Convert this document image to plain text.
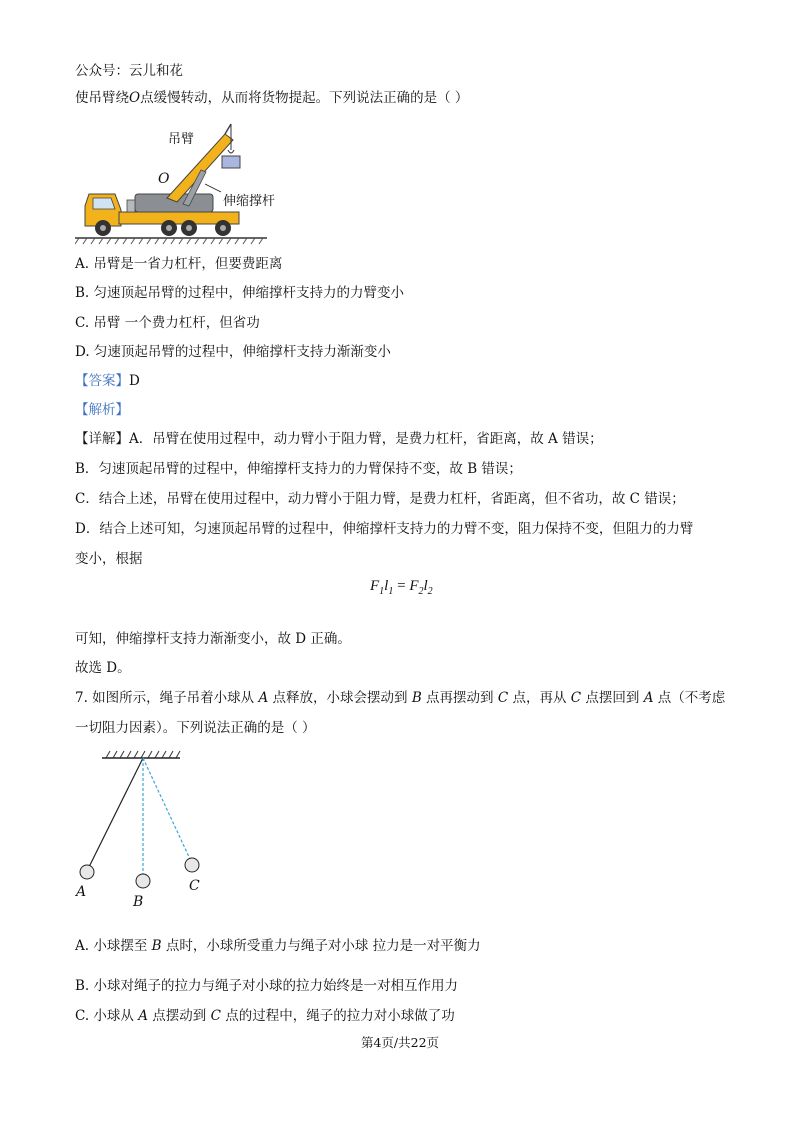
公众号：云儿和花
使吊臂绕O点缓慢转动，从而将货物提起。下列说法正确的是（ ）
吊臂
O
伸缩撑杆
A. 吊臂是一省力杠杆，但要费距离
B. 匀速顶起吊臂的过程中，伸缩撑杆支持力的力臂变小
C. 吊臂 一个费力杠杆，但省功
D. 匀速顶起吊臂的过程中，伸缩撑杆支持力渐渐变小
【答案】D
【解析】
【详解】A．吊臂在使用过程中，动力臂小于阻力臂，是费力杠杆，省距离，故 A 错误；
B．匀速顶起吊臂的过程中，伸缩撑杆支持力的力臂保持不变，故 B 错误；
C．结合上述，吊臂在使用过程中，动力臂小于阻力臂，是费力杠杆，省距离，但不省功，故 C 错误；
D．结合上述可知，匀速顶起吊臂的过程中，伸缩撑杆支持力的力臂不变，阻力保持不变，但阻力的力臂
变小，根据
$F_1l_1 = F_2l_2$
可知，伸缩撑杆支持力渐渐变小，故 D 正确。
故选 D。
7. 如图所示，绳子吊着小球从 A 点释放，小球会摆动到 B 点再摆动到 C 点，再从 C 点摆回到 A 点（不考虑
一切阻力因素）。下列说法正确的是（ ）
A
B
C
A. 小球摆至 B 点时，小球所受重力与绳子对小球 拉力是一对平衡力
B. 小球对绳子的拉力与绳子对小球的拉力始终是一对相互作用力
C. 小球从 A 点摆动到 C 点的过程中，绳子的拉力对小球做了功
第4页/共22页
